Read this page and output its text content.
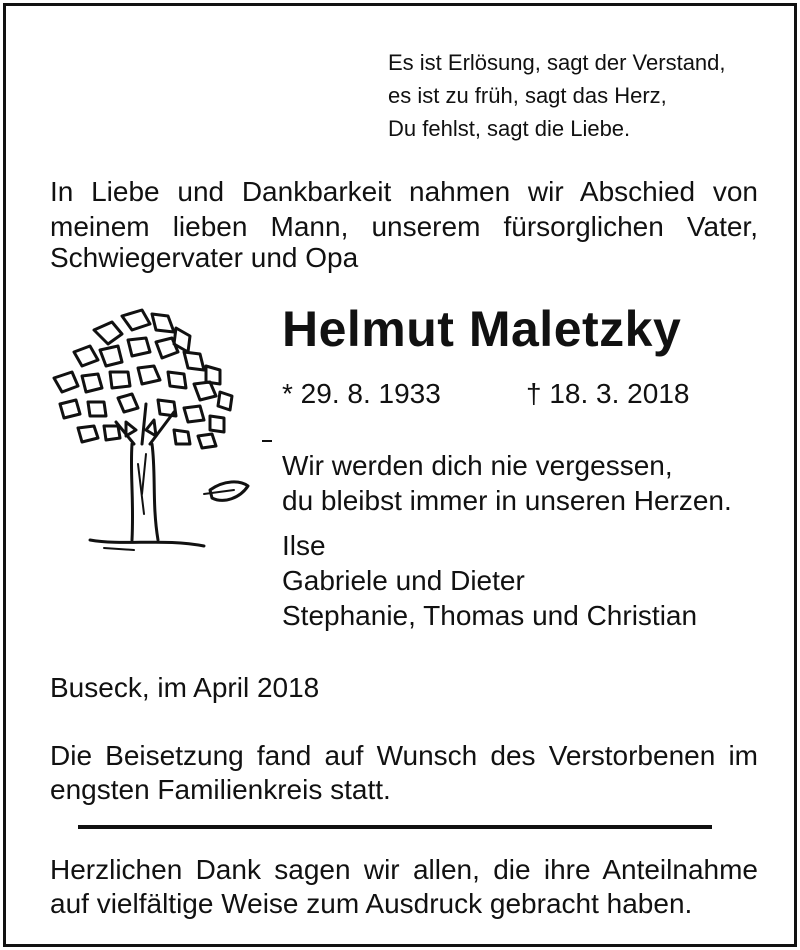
Es ist Erlösung, sagt der Verstand,
es ist zu früh, sagt das Herz,
Du fehlst, sagt die Liebe.
In Liebe und Dankbarkeit nahmen wir Abschied von
meinem lieben Mann, unserem fürsorglichen Vater,
Schwiegervater und Opa
Helmut Maletzky
* 29. 8. 1933	† 18. 3. 2018
Wir werden dich nie vergessen,
du bleibst immer in unseren Herzen.
Ilse
Gabriele und Dieter
Stephanie, Thomas und Christian
Buseck, im April 2018
Die Beisetzung fand auf Wunsch des Verstorbenen im
engsten Familienkreis statt.
Herzlichen Dank sagen wir allen, die ihre Anteilnahme
auf vielfältige Weise zum Ausdruck gebracht haben.
